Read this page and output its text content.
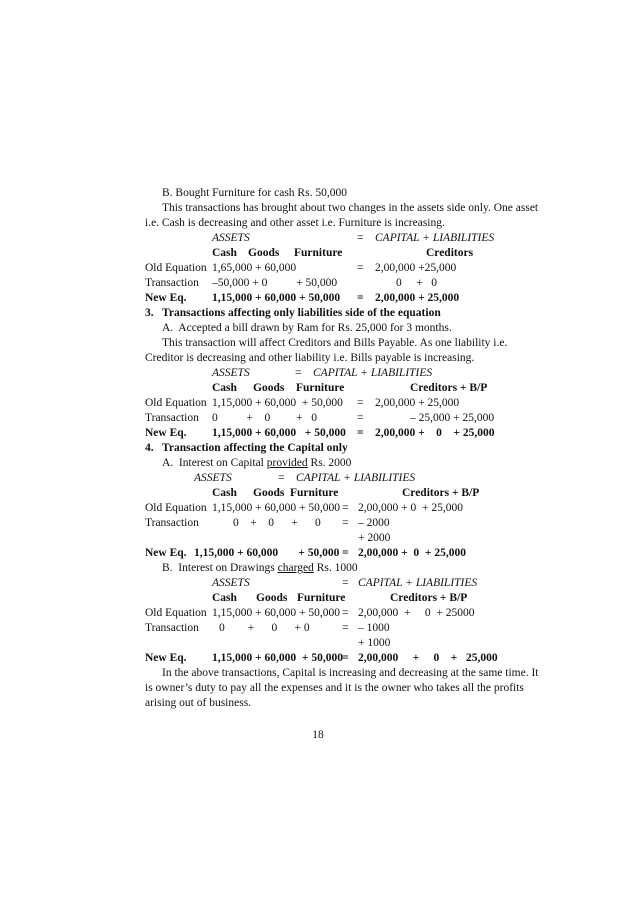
B. Bought Furniture for cash Rs. 50,000
This transactions has brought about two changes in the assets side only. One asset
i.e. Cash is decreasing and other asset i.e. Furniture is increasing.
ASSETS	= CAPITAL + LIABILITIES
Cash Goods Furniture	Creditors
Old Equation 1,65,000 + 60,000	= 2,00,000 +25,000
Transaction –50,000 + 0          + 50,000	0     +   0
New Eq. 1,15,000 + 60,000 + 50,000 = 2,00,000 + 25,000
3.   Transactions affecting only liabilities side of the equation
A.  Accepted a bill drawn by Ram for Rs. 25,000 for 3 months.
This transaction will affect Creditors and Bills Payable. As one liability i.e.
Creditor is decreasing and other liability i.e. Bills payable is increasing.
ASSETS	= CAPITAL + LIABILITIES
Cash Goods Furniture	Creditors + B/P
Old Equation 1,15,000 + 60,000  + 50,000 = 2,00,000 + 25,000
Transaction 0          +    0         +   0	=	– 25,000 + 25,000
New Eq. 1,15,000 + 60,000   + 50,000 = 2,00,000 +    0    + 25,000
4.   Transaction affecting the Capital only
A.  Interest on Capital provided Rs. 2000
ASSETS	= CAPITAL + LIABILITIES
Cash Goods Furniture	Creditors + B/P
Old Equation 1,15,000 + 60,000 + 50,000 = 2,00,000 + 0  + 25,000
Transaction	0    +    0      +      0 = – 2000
+ 2000
New Eq. 1,15,000 + 60,000       + 50,000 = 2,00,000 +  0  + 25,000
B.  Interest on Drawings charged Rs. 1000
ASSETS	= CAPITAL + LIABILITIES
Cash Goods Furniture	Creditors + B/P
Old Equation 1,15,000 + 60,000 + 50,000 = 2,00,000  +     0  + 25000
Transaction 0        +      0      + 0	= – 1000
+ 1000
New Eq. 1,15,000 + 60,000  + 50,000 = 2,00,000     +     0    +   25,000
In the above transactions, Capital is increasing and decreasing at the same time. It
is owner’s duty to pay all the expenses and it is the owner who takes all the profits
arising out of business.
18
